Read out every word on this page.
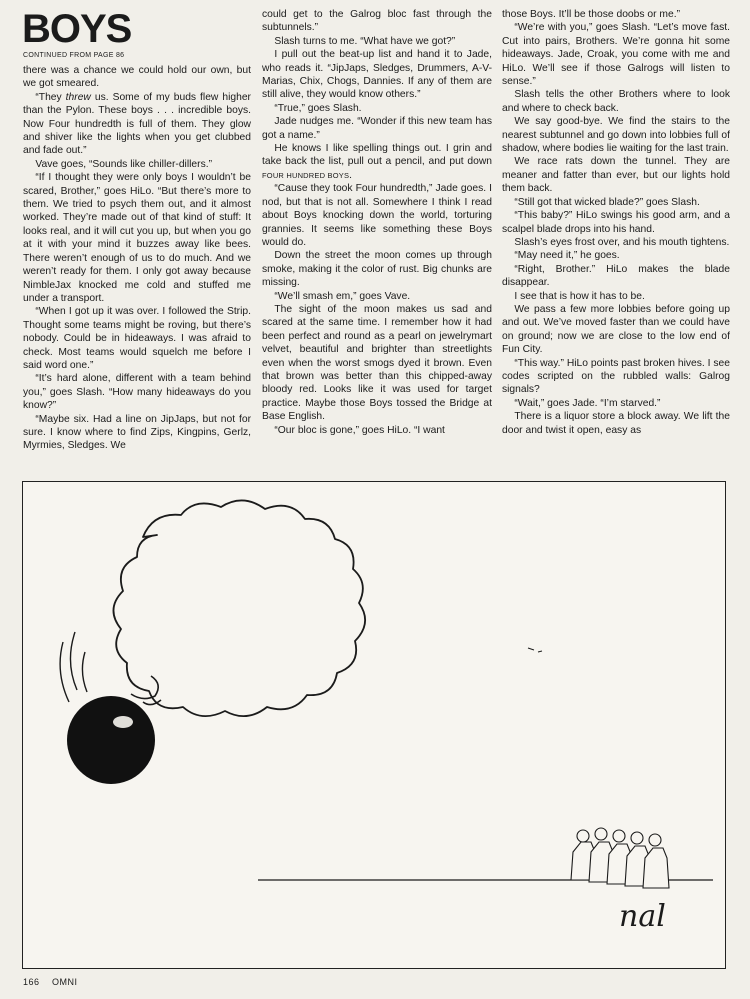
BOYS
CONTINUED FROM PAGE 86

there was a chance we could hold our own, but we got smeared.

“They threw us. Some of my buds flew higher than the Pylon. These boys . . . incredible boys. Now Four hundredth is full of them. They glow and shiver like the lights when you get clubbed and fade out.”

Vave goes, “Sounds like chiller-dillers.”

“If I thought they were only boys I wouldn’t be scared, Brother,” goes HiLo. “But there’s more to them. We tried to psych them out, and it almost worked. They’re made out of that kind of stuff: It looks real, and it will cut you up, but when you go at it with your mind it buzzes away like bees. There weren’t enough of us to do much. And we weren’t ready for them. I only got away because NimbleJax knocked me cold and stuffed me under a transport.

“When I got up it was over. I followed the Strip. Thought some teams might be roving, but there’s nobody. Could be in hideaways. I was afraid to check. Most teams would squelch me before I said word one.”

“It’s hard alone, different with a team behind you,” goes Slash. “How many hideaways do you know?”

“Maybe six. Had a line on JipJaps, but not for sure. I know where to find Zips, Kingpins, Gerlz, Myrmies, Sledges. We

could get to the Galrog bloc fast through the subtunnels.”

Slash turns to me. “What have we got?”

I pull out the beat-up list and hand it to Jade, who reads it. “JipJaps, Sledges, Drummers, A-V-Marias, Chix, Chogs, Dannies. If any of them are still alive, they would know others.”

“True,” goes Slash.

Jade nudges me. “Wonder if this new team has got a name.”

He knows I like spelling things out. I grin and take back the list, pull out a pencil, and put down FOUR HUNDRED BOYS.

“Cause they took Four hundredth,” Jade goes. I nod, but that is not all. Somewhere I think I read about Boys knocking down the world, torturing grannies. It seems like something these Boys would do.

Down the street the moon comes up through smoke, making it the color of rust. Big chunks are missing.

“We’ll smash em,” goes Vave.

The sight of the moon makes us sad and scared at the same time. I remember how it had been perfect and round as a pearl on jewelrymart velvet, beautiful and brighter than streetlights even when the worst smogs dyed it brown. Even that brown was better than this chipped-away bloody red. Looks like it was used for target practice. Maybe those Boys tossed the Bridge at Base English.

“Our bloc is gone,” goes HiLo. “I want

those Boys. It’ll be those doobs or me.”

“We’re with you,” goes Slash. “Let’s move fast. Cut into pairs, Brothers. We’re gonna hit some hideaways. Jade, Croak, you come with me and HiLo. We’ll see if those Galrogs will listen to sense.”

Slash tells the other Brothers where to look and where to check back.

We say good-bye. We find the stairs to the nearest subtunnel and go down into lobbies full of shadow, where bodies lie waiting for the last train.

We race rats down the tunnel. They are meaner and fatter than ever, but our lights hold them back.

“Still got that wicked blade?” goes Slash.

“This baby?” HiLo swings his good arm, and a scalpel blade drops into his hand.

Slash’s eyes frost over, and his mouth tightens.

“May need it,” he goes.

“Right, Brother.” HiLo makes the blade disappear.

I see that is how it has to be.

We pass a few more lobbies before going up and out. We’ve moved faster than we could have on ground; now we are close to the low end of Fun City.

“This way.” HiLo points past broken hives. I see codes scripted on the rubbled walls: Galrog signals?

“Wait,” goes Jade. “I’m starved.”

There is a liquor store a block away. We lift the door and twist it open, easy as

nal
166 OMNI
